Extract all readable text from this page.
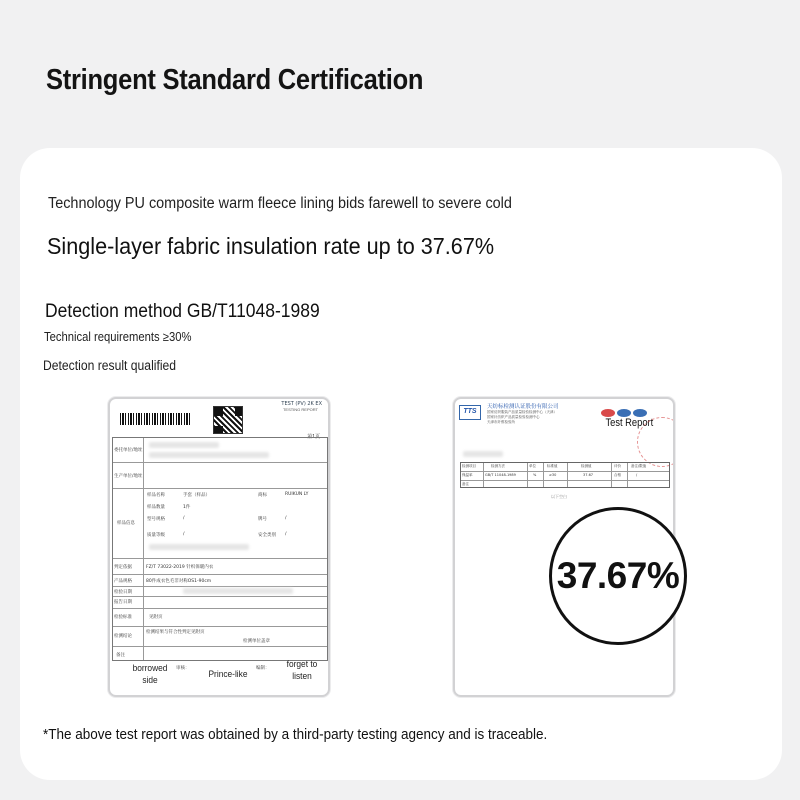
Stringent Standard Certification
Technology PU composite warm fleece lining bids farewell to severe cold
Single-layer fabric insulation rate up to 37.67%
Detection method GB/T11048-1989
Technical requirements ≥30%
Detection result qualified
TEST (PV) 2K EX
TESTING REPORT
第1页
委托单位/地址
生产单位/地址
样品信息
判定依据	FZ/T 73022-2019 针织保暖内衣
产品规格	80件成衣色毛非对称OS1-90cm
检验日期
报告日期
检验标准	见附页
检测结论
检测结果与符合性判定见附页
检测单位盖章
备注
样品名称	手套（样品）	商标	RUIKUN LY
样品数量	1件
型号规格	/	牌号	/
质量等级	/	安全类别 /
borrowed
side
审核：
Prince-like
编制：	forget to
listen
TTS
天纺标检测认证股份有限公司
国家纺织服装产品质量检验检测中心（天津）
国家针纺织产品质量检验检测中心
天津市纤维检验所	Test Report
检测项目	检测方法	单位	标准值	检测值	评价	备注/限值
保温率	GB/T 11048-1989	%	≥30	37.67	合格	/
备注
以下空白
37.67%
*The above test report was obtained by a third-party testing agency and is traceable.
